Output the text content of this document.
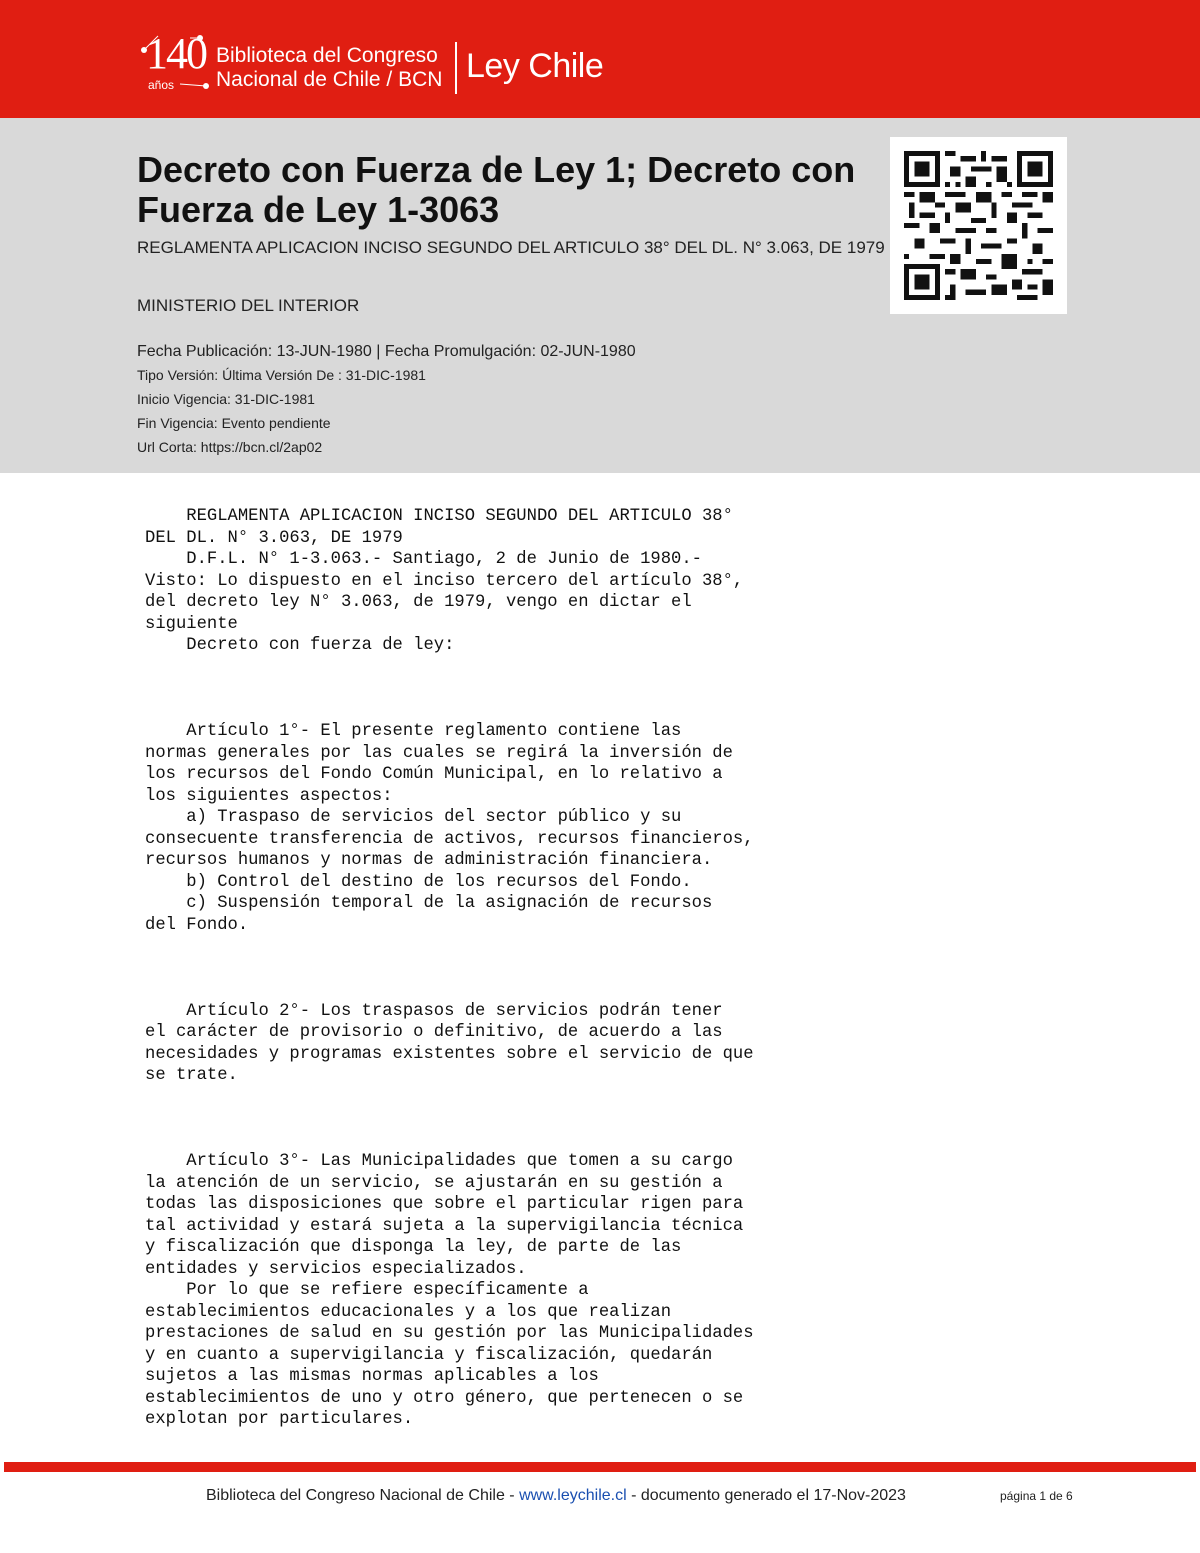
140
años
Biblioteca del Congreso
Nacional de Chile / BCN Ley Chile
Decreto con Fuerza de Ley 1; Decreto con Fuerza de Ley 1-3063
REGLAMENTA APLICACION INCISO SEGUNDO DEL ARTICULO 38° DEL DL. N° 3.063, DE 1979
MINISTERIO DEL INTERIOR
Fecha Publicación: 13-JUN-1980 | Fecha Promulgación: 02-JUN-1980
Tipo Versión: Última Versión De : 31-DIC-1981
Inicio Vigencia: 31-DIC-1981
Fin Vigencia: Evento pendiente
Url Corta: https://bcn.cl/2ap02
REGLAMENTA APLICACION INCISO SEGUNDO DEL ARTICULO 38°
DEL DL. N° 3.063, DE 1979
D.F.L. N° 1-3.063.- Santiago, 2 de Junio de 1980.-
Visto: Lo dispuesto en el inciso tercero del artículo 38°,
del decreto ley N° 3.063, de 1979, vengo en dictar el
siguiente
Decreto con fuerza de ley:

Artículo 1°- El presente reglamento contiene las
normas generales por las cuales se regirá la inversión de
los recursos del Fondo Común Municipal, en lo relativo a
los siguientes aspectos:
a) Traspaso de servicios del sector público y su
consecuente transferencia de activos, recursos financieros,
recursos humanos y normas de administración financiera.
b) Control del destino de los recursos del Fondo.
c) Suspensión temporal de la asignación de recursos
del Fondo.

Artículo 2°- Los traspasos de servicios podrán tener
el carácter de provisorio o definitivo, de acuerdo a las
necesidades y programas existentes sobre el servicio de que
se trate.

Artículo 3°- Las Municipalidades que tomen a su cargo
la atención de un servicio, se ajustarán en su gestión a
todas las disposiciones que sobre el particular rigen para
tal actividad y estará sujeta a la supervigilancia técnica
y fiscalización que disponga la ley, de parte de las
entidades y servicios especializados.
Por lo que se refiere específicamente a
establecimientos educacionales y a los que realizan
prestaciones de salud en su gestión por las Municipalidades
y en cuanto a supervigilancia y fiscalización, quedarán
sujetos a las mismas normas aplicables a los
establecimientos de uno y otro género, que pertenecen o se
explotan por particulares.
Biblioteca del Congreso Nacional de Chile - www.leychile.cl - documento generado el 17-Nov-2023	página 1 de 6
